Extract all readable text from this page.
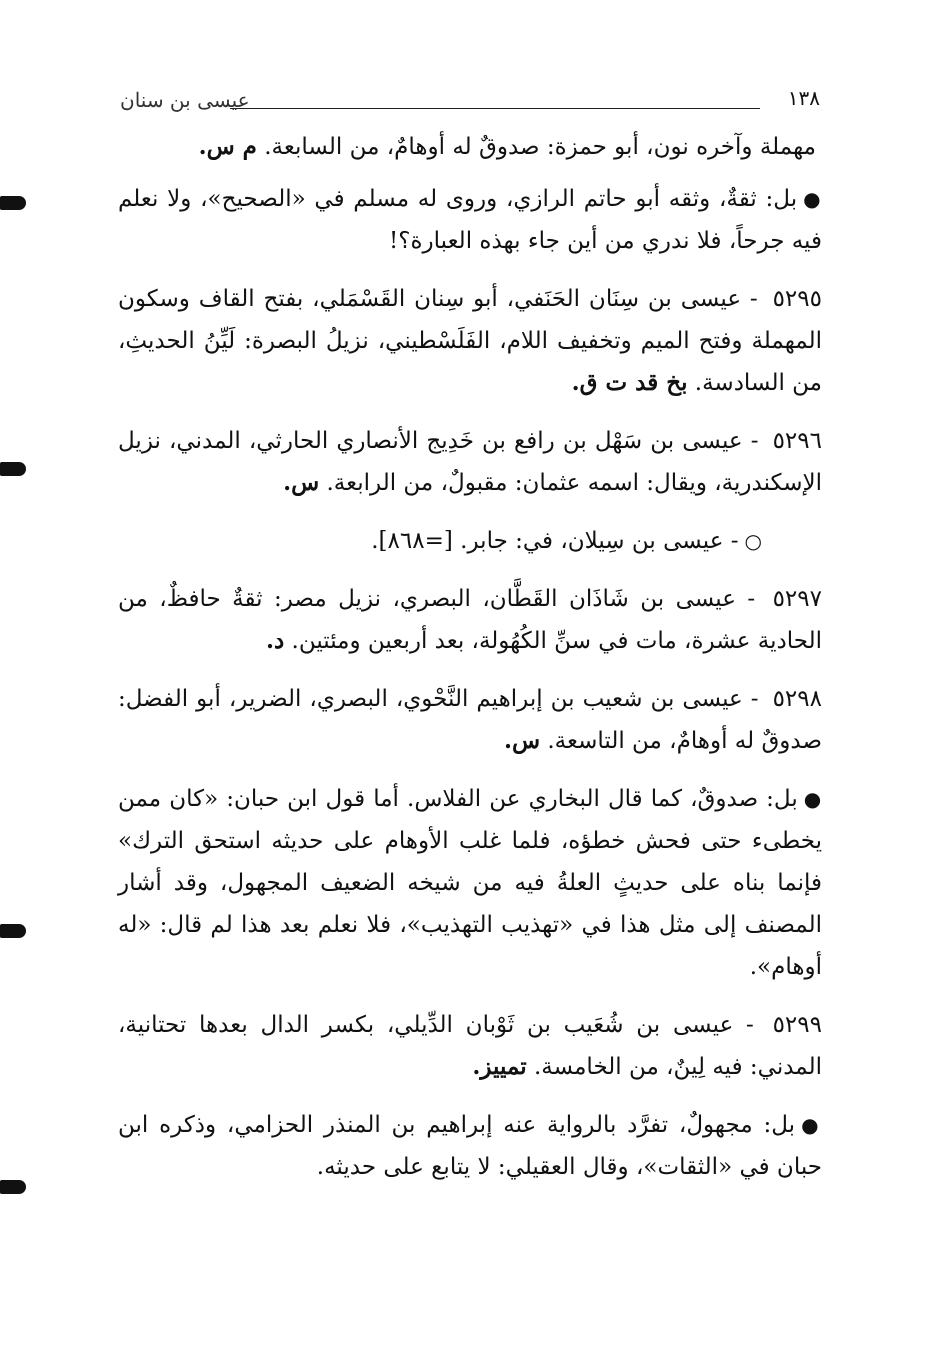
١٣٨
عيسى بن سنان

مهملة وآخره نون، أبو حمزة: صدوقٌ له أوهامٌ، من السابعة. م س.

●بل: ثقةٌ، وثقه أبو حاتم الرازي، وروى له مسلم في «الصحيح»، ولا نعلم فيه جرحاً، فلا ندري من أين جاء بهذه العبارة؟!

٥٢٩٥ - عيسى بن سِنَان الحَنَفي، أبو سِنان القَسْمَلي، بفتح القاف وسكون المهملة وفتح الميم وتخفيف اللام، الفَلَسْطيني، نزيلُ البصرة: لَيِّنُ الحديثِ، من السادسة. بخ قد ت ق.

٥٢٩٦ - عيسى بن سَهْل بن رافع بن خَدِيج الأنصاري الحارثي، المدني، نزيل الإسكندرية، ويقال: اسمه عثمان: مقبولٌ، من الرابعة. س.

○- عيسى بن سِيلان، في: جابر. [=٨٦٨].

٥٢٩٧ - عيسى بن شَاذَان القَطَّان، البصري، نزيل مصر: ثقةٌ حافظٌ، من الحادية عشرة، مات في سنِّ الكُهُولة، بعد أربعين ومئتين. د.

٥٢٩٨ - عيسى بن شعيب بن إبراهيم النَّحْوي، البصري، الضرير، أبو الفضل: صدوقٌ له أوهامٌ، من التاسعة. س.

●بل: صدوقٌ، كما قال البخاري عن الفلاس. أما قول ابن حبان: «كان ممن يخطىء حتى فحش خطؤه، فلما غلب الأوهام على حديثه استحق الترك» فإنما بناه على حديثٍ العلةُ فيه من شيخه الضعيف المجهول، وقد أشار المصنف إلى مثل هذا في «تهذيب التهذيب»، فلا نعلم بعد هذا لم قال: «له أوهام».

٥٢٩٩ - عيسى بن شُعَيب بن ثَوْبان الدِّيلي، بكسر الدال بعدها تحتانية، المدني: فيه لِينٌ، من الخامسة. تمييز.

●بل: مجهولٌ، تفرَّد بالرواية عنه إبراهيم بن المنذر الحزامي، وذكره ابن حبان في «الثقات»، وقال العقيلي: لا يتابع على حديثه.
